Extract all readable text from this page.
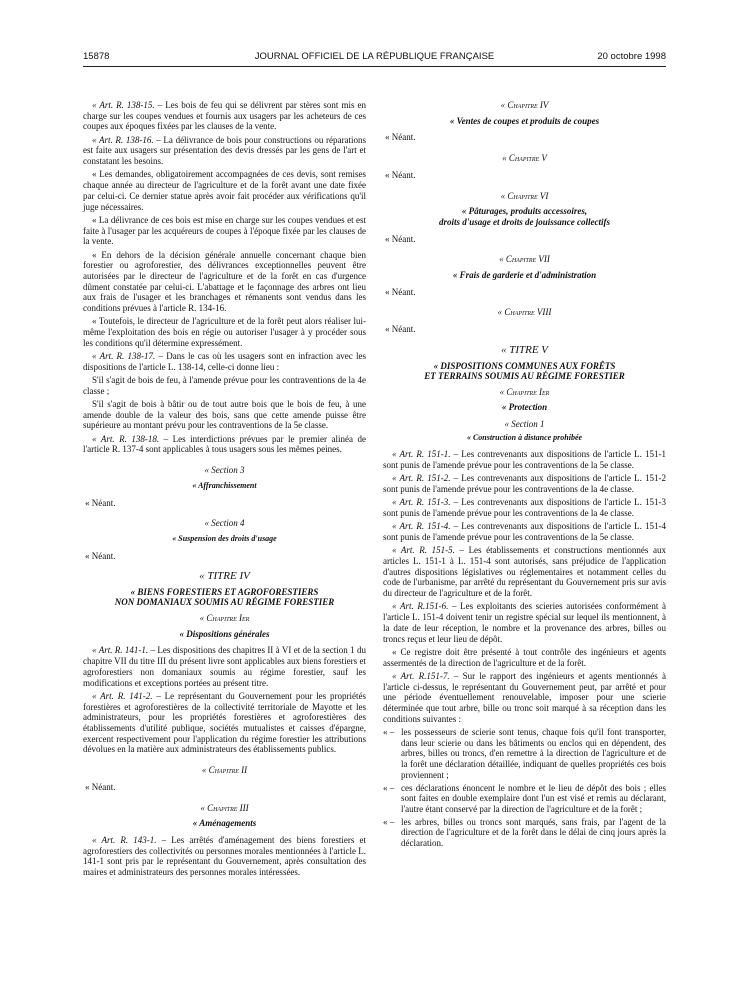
15878	JOURNAL OFFICIEL DE LA RÉPUBLIQUE FRANÇAISE	20 octobre 1998

« Art. R. 138-15. – Les bois de feu qui se délivrent par stères sont mis en charge sur les coupes vendues et fournis aux usagers par les acheteurs de ces coupes aux époques fixées par les clauses de la vente.

« Art. R. 138-16. – La délivrance de bois pour constructions ou réparations est faite aux usagers sur présentation des devis dressés par les gens de l'art et constatant les besoins.

« Les demandes, obligatoirement accompagnées de ces devis, sont remises chaque année au directeur de l'agriculture et de la forêt avant une date fixée par celui-ci. Ce dernier statue après avoir fait procéder aux vérifications qu'il juge nécessaires.

« La délivrance de ces bois est mise en charge sur les coupes vendues et est faite à l'usager par les acquéreurs de coupes à l'époque fixée par les clauses de la vente.

« En dehors de la décision générale annuelle concernant chaque bien forestier ou agroforestier, des délivrances exceptionnelles peuvent être autorisées par le directeur de l'agriculture et de la forêt en cas d'urgence dûment constatée par celui-ci. L'abattage et le façonnage des arbres ont lieu aux frais de l'usager et les branchages et rémanents sont vendus dans les conditions prévues à l'article R. 134-16.

« Toutefois, le directeur de l'agriculture et de la forêt peut alors réaliser lui-même l'exploitation des bois en régie ou autoriser l'usager à y procéder sous les conditions qu'il détermine expressément.

« Art. R. 138-17. – Dans le cas où les usagers sont en infraction avec les dispositions de l'article L. 138-14, celle-ci donne lieu :

S'il s'agit de bois de feu, à l'amende prévue pour les contraventions de la 4e classe ;

S'il s'agit de bois à bâtir ou de tout autre bois que le bois de feu, à une amende double de la valeur des bois, sans que cette amende puisse être supérieure au montant prévu pour les contraventions de la 5e classe.

« Art. R. 138-18. – Les interdictions prévues par le premier alinéa de l'article R. 137-4 sont applicables à tous usagers sous les mêmes peines.

« Section 3
« Affranchissement
« Néant.
« Section 4
« Suspension des droits d'usage
« Néant.
« TITRE IV
« BIENS FORESTIERS ET AGROFORESTIERS
NON DOMANIAUX SOUMIS AU RÉGIME FORESTIER
« Chapitre Ier
« Dispositions générales

« Art. R. 141-1. – Les dispositions des chapitres II à VI et de la section 1 du chapitre VII du titre III du présent livre sont applicables aux biens forestiers et agroforestiers non domaniaux soumis au régime forestier, sauf les modifications et exceptions portées au présent titre.

« Art. R. 141-2. – Le représentant du Gouvernement pour les propriétés forestières et agroforestières de la collectivité territoriale de Mayotte et les administrateurs, pour les propriétés forestières et agroforestières des établissements d'utilité publique, sociétés mutualistes et caisses d'épargne, exercent respectivement pour l'application du régime forestier les attributions dévolues en la matière aux administrateurs des établissements publics.

« Chapitre II
« Néant.
« Chapitre III
« Aménagements

« Art. R. 143-1. – Les arrêtés d'aménagement des biens forestiers et agroforestiers des collectivités ou personnes morales mentionnées à l'article L. 141-1 sont pris par le représentant du Gouvernement, après consultation des maires et administrateurs des personnes morales intéressées.

« Chapitre IV
« Ventes de coupes et produits de coupes
« Néant.
« Chapitre V
« Néant.
« Chapitre VI
« Pâturages, produits accessoires,
droits d'usage et droits de jouissance collectifs
« Néant.
« Chapitre VII
« Frais de garderie et d'administration
« Néant.
« Chapitre VIII
« Néant.
« TITRE V
« DISPOSITIONS COMMUNES AUX FORÊTS
ET TERRAINS SOUMIS AU RÉGIME FORESTIER
« Chapitre Ier
« Protection
« Section 1
« Construction à distance prohibée

« Art. R. 151-1. – Les contrevenants aux dispositions de l'article L. 151-1 sont punis de l'amende prévue pour les contraventions de la 5e classe.

« Art. R. 151-2. – Les contrevenants aux dispositions de l'article L. 151-2 sont punis de l'amende prévue pour les contraventions de la 4e classe.

« Art. R. 151-3. – Les contrevenants aux dispositions de l'article L. 151-3 sont punis de l'amende prévue pour les contraventions de la 4e classe.

« Art. R. 151-4. – Les contrevenants aux dispositions de l'article L. 151-4 sont punis de l'amende prévue pour les contraventions de la 5e classe.

« Art. R. 151-5. – Les établissements et constructions mentionnés aux articles L. 151-1 à L. 151-4 sont autorisés, sans préjudice de l'application d'autres dispositions législatives ou réglementaires et notamment celles du code de l'urbanisme, par arrêté du représentant du Gouvernement pris sur avis du directeur de l'agriculture et de la forêt.

« Art. R.151-6. – Les exploitants des scieries autorisées conformément à l'article L. 151-4 doivent tenir un registre spécial sur lequel ils mentionnent, à la date de leur réception, le nombre et la provenance des arbres, billes ou troncs reçus et leur lieu de dépôt.

« Ce registre doit être présenté à tout contrôle des ingénieurs et agents assermentés de la direction de l'agriculture et de la forêt.

« Art. R.151-7. – Sur le rapport des ingénieurs et agents mentionnés à l'article ci-dessus, le représentant du Gouvernement peut, par arrêté et pour une période éventuellement renouvelable, imposer pour une scierie déterminée que tout arbre, bille ou tronc soit marqué à sa réception dans les conditions suivantes :

« – les possesseurs de scierie sont tenus, chaque fois qu'il font transporter, dans leur scierie ou dans les bâtiments ou enclos qui en dépendent, des arbres, billes ou troncs, d'en remettre à la direction de l'agriculture et de la forêt une déclaration détaillée, indiquant de quelles propriétés ces bois proviennent ;
« – ces déclarations énoncent le nombre et le lieu de dépôt des bois ; elles sont faites en double exemplaire dont l'un est visé et remis au déclarant, l'autre étant conservé par la direction de l'agriculture et de la forêt ;
« – les arbres, billes ou troncs sont marqués, sans frais, par l'agent de la direction de l'agriculture et de la forêt dans le délai de cinq jours après la déclaration.
